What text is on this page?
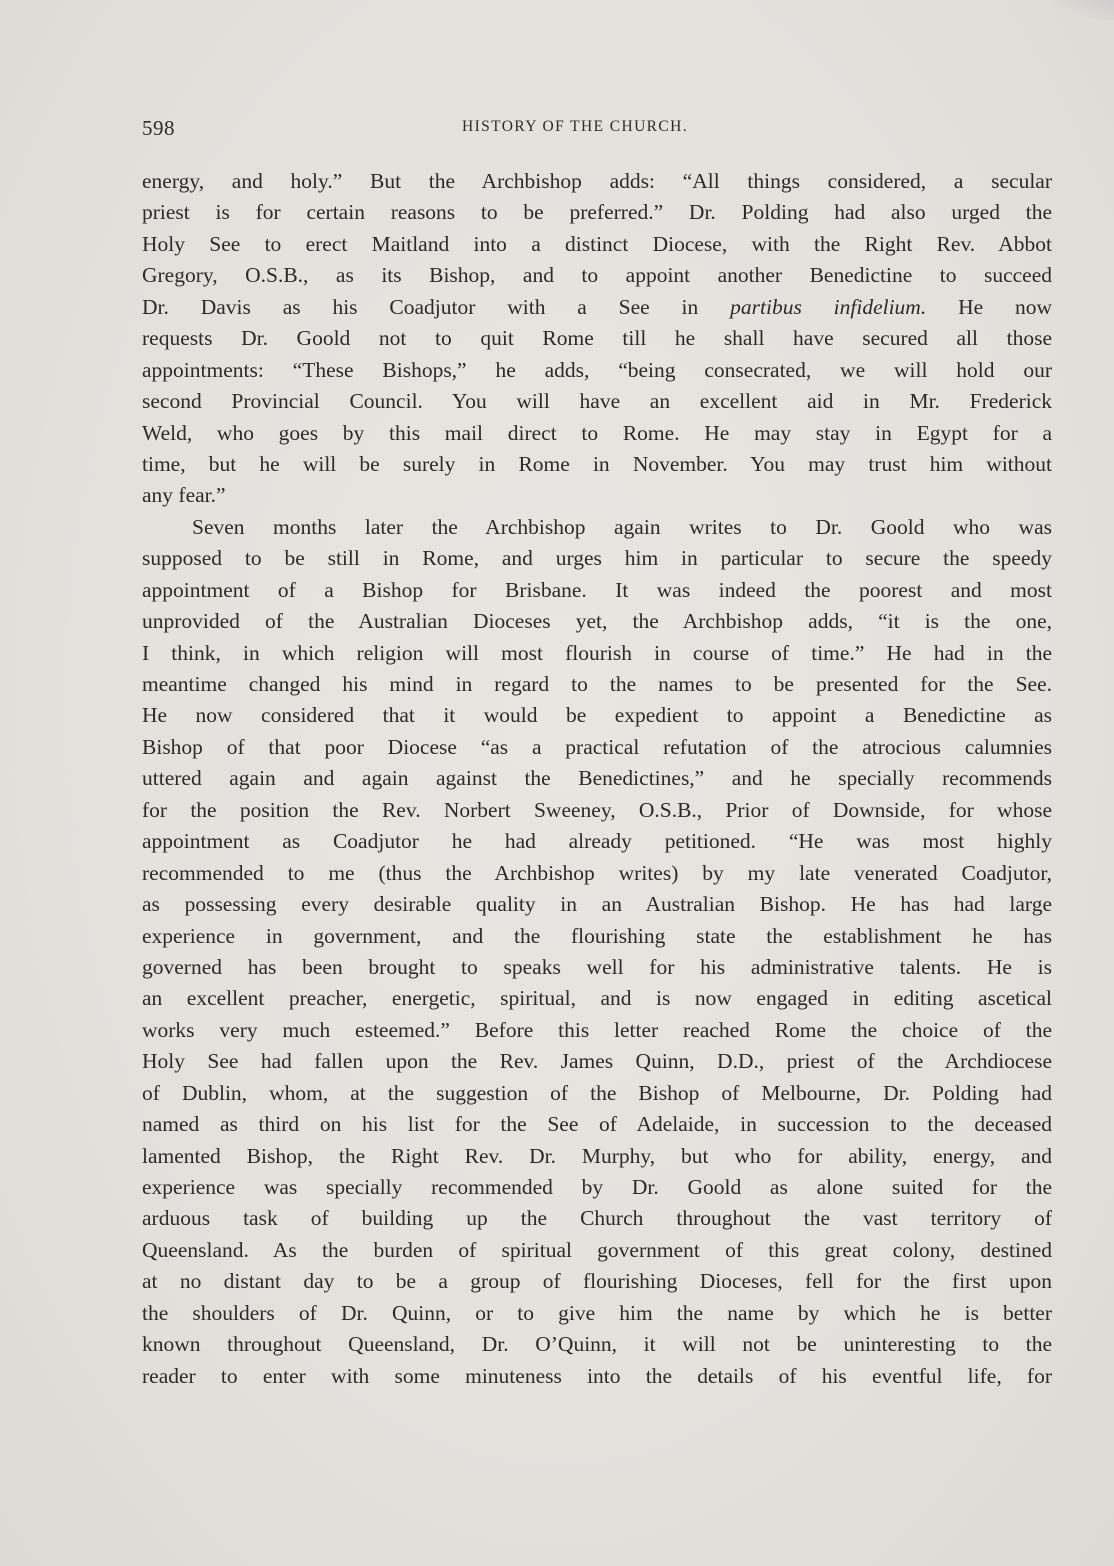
598	HISTORY OF THE CHURCH.

energy, and holy.” But the Archbishop adds: “All things considered, a secular
priest is for certain reasons to be preferred.” Dr. Polding had also urged the
Holy See to erect Maitland into a distinct Diocese, with the Right Rev. Abbot
Gregory, O.S.B., as its Bishop, and to appoint another Benedictine to succeed
Dr. Davis as his Coadjutor with a See in partibus infidelium. He now
requests Dr. Goold not to quit Rome till he shall have secured all those
appointments: “These Bishops,” he adds, “being consecrated, we will hold our
second Provincial Council. You will have an excellent aid in Mr. Frederick
Weld, who goes by this mail direct to Rome. He may stay in Egypt for a
time, but he will be surely in Rome in November. You may trust him without
any fear.”

Seven months later the Archbishop again writes to Dr. Goold who was
supposed to be still in Rome, and urges him in particular to secure the speedy
appointment of a Bishop for Brisbane. It was indeed the poorest and most
unprovided of the Australian Dioceses yet, the Archbishop adds, “it is the one,
I think, in which religion will most flourish in course of time.” He had in the
meantime changed his mind in regard to the names to be presented for the See.
He now considered that it would be expedient to appoint a Benedictine as
Bishop of that poor Diocese “as a practical refutation of the atrocious calumnies
uttered again and again against the Benedictines,” and he specially recommends
for the position the Rev. Norbert Sweeney, O.S.B., Prior of Downside, for whose
appointment as Coadjutor he had already petitioned. “He was most highly
recommended to me (thus the Archbishop writes) by my late venerated Coadjutor,
as possessing every desirable quality in an Australian Bishop. He has had large
experience in government, and the flourishing state the establishment he has
governed has been brought to speaks well for his administrative talents. He is
an excellent preacher, energetic, spiritual, and is now engaged in editing ascetical
works very much esteemed.” Before this letter reached Rome the choice of the
Holy See had fallen upon the Rev. James Quinn, D.D., priest of the Archdiocese
of Dublin, whom, at the suggestion of the Bishop of Melbourne, Dr. Polding had
named as third on his list for the See of Adelaide, in succession to the deceased
lamented Bishop, the Right Rev. Dr. Murphy, but who for ability, energy, and
experience was specially recommended by Dr. Goold as alone suited for the
arduous task of building up the Church throughout the vast territory of
Queensland. As the burden of spiritual government of this great colony, destined
at no distant day to be a group of flourishing Dioceses, fell for the first upon
the shoulders of Dr. Quinn, or to give him the name by which he is better
known throughout Queensland, Dr. O’Quinn, it will not be uninteresting to the
reader to enter with some minuteness into the details of his eventful life, for
